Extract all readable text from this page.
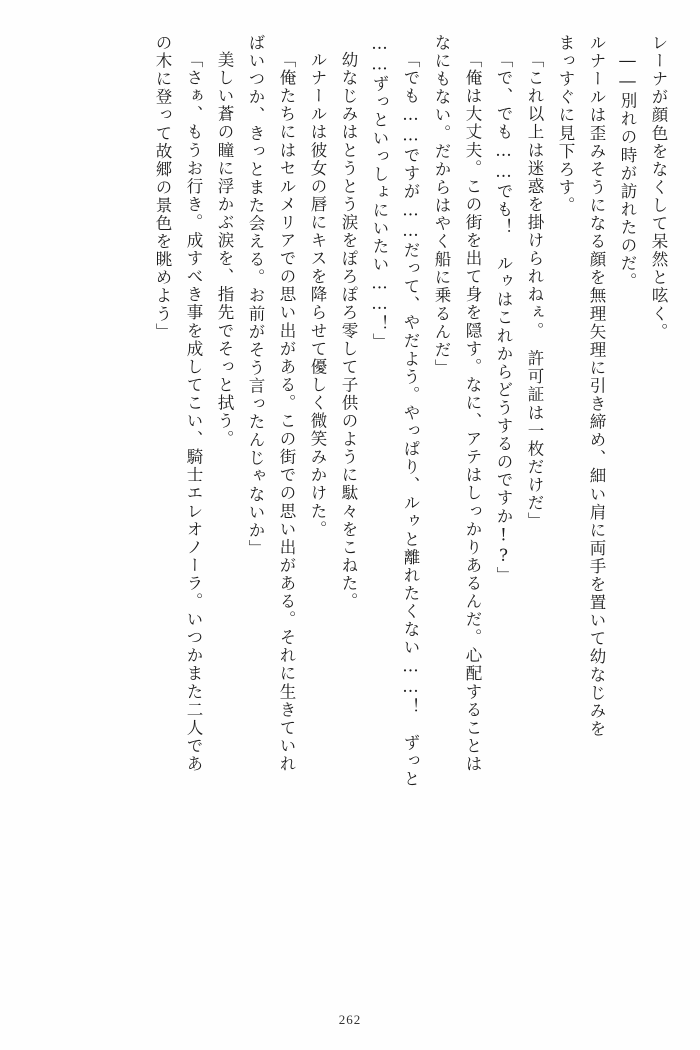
レーナが顔色をなくして呆然と呟く。
――別れの時が訪れたのだ。
ルナールは歪みそうになる顔を無理矢理に引き締め、細い肩に両手を置いて幼なじみを
まっすぐに見下ろす。
「これ以上は迷惑を掛けられねぇ。　許可証は一枚だけだ」
「で、でも……でも！　ルゥはこれからどうするのですか!?」
「俺は大丈夫。この街を出て身を隠す。なに、アテはしっかりあるんだ。心配することは
なにもない。だからはやく船に乗るんだ」
「でも……ですが……だって、やだよう。やっぱり、ルゥと離れたくない……！　ずっと
……ずっといっしょにいたい……！」
幼なじみはとうとう涙をぽろぽろ零して子供のように駄々をこねた。
ルナールは彼女の唇にキスを降らせて優しく微笑みかけた。
「俺たちにはセルメリアでの思い出がある。この街での思い出がある。それに生きていれ
ばいつか、きっとまた会える。お前がそう言ったんじゃないか」
美しい蒼の瞳に浮かぶ涙を、指先でそっと拭う。
「さぁ、もうお行き。成すべき事を成してこい、騎士エレオノーラ。いつかまた二人であ
の木に登って故郷の景色を眺めよう」
262
